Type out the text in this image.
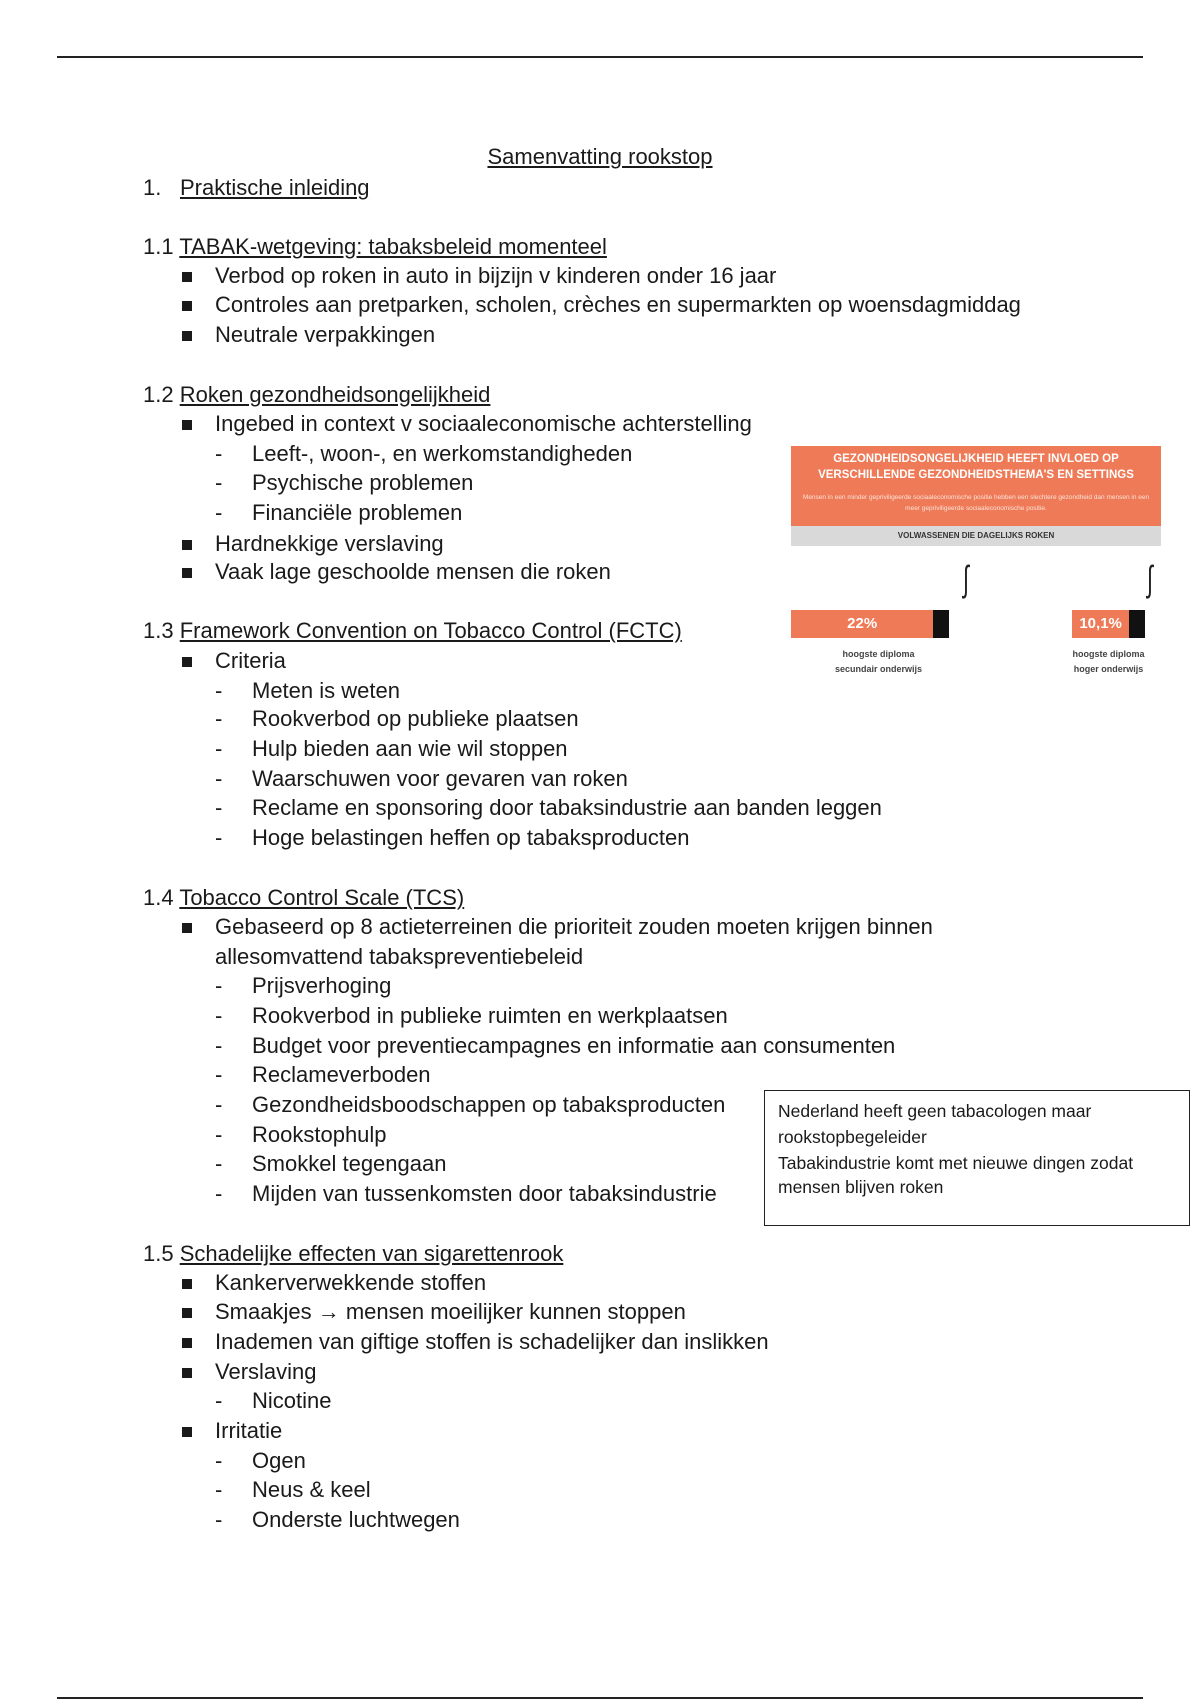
Samenvatting rookstop
1. Praktische inleiding
1.1 TABAK-wetgeving: tabaksbeleid momenteel
Verbod op roken in auto in bijzijn v kinderen onder 16 jaar
Controles aan pretparken, scholen, crèches en supermarkten op woensdagmiddag
Neutrale verpakkingen
1.2 Roken gezondheidsongelijkheid
Ingebed in context v sociaaleconomische achterstelling
- Leeft-, woon-, en werkomstandigheden
- Psychische problemen
- Financiële problemen
Hardnekkige verslaving
Vaak lage geschoolde mensen die roken
GEZONDHEIDSONGELIJKHEID HEEFT INVLOED OP
VERSCHILLENDE GEZONDHEIDSTHEMA'S EN SETTINGS
Mensen in een minder gepriviligeerde sociaaleconomische positie hebben een slechtere gezondheid dan mensen in een meer gepriviligeerde sociaaleconomische positie.
VOLWASSENEN DIE DAGELIJKS ROKEN
∫	∫
22%	10,1%
hoogste diploma
secundair onderwijs
hoogste diploma
hoger onderwijs
1.3 Framework Convention on Tobacco Control (FCTC)
Criteria
- Meten is weten
- Rookverbod op publieke plaatsen
- Hulp bieden aan wie wil stoppen
- Waarschuwen voor gevaren van roken
- Reclame en sponsoring door tabaksindustrie aan banden leggen
- Hoge belastingen heffen op tabaksproducten
1.4 Tobacco Control Scale (TCS)
Gebaseerd op 8 actieterreinen die prioriteit zouden moeten krijgen binnen
allesomvattend tabakspreventiebeleid
- Prijsverhoging
- Rookverbod in publieke ruimten en werkplaatsen
- Budget voor preventiecampagnes en informatie aan consumenten
- Reclameverboden
- Gezondheidsboodschappen op tabaksproducten
- Rookstophulp
- Smokkel tegengaan
- Mijden van tussenkomsten door tabaksindustrie
Nederland heeft geen tabacologen maar
rookstopbegeleider
Tabakindustrie komt met nieuwe dingen zodat
mensen blijven roken
1.5 Schadelijke effecten van sigarettenrook
Kankerverwekkende stoffen
Smaakjes → mensen moeilijker kunnen stoppen
Inademen van giftige stoffen is schadelijker dan inslikken
Verslaving
- Nicotine
Irritatie
- Ogen
- Neus & keel
- Onderste luchtwegen
